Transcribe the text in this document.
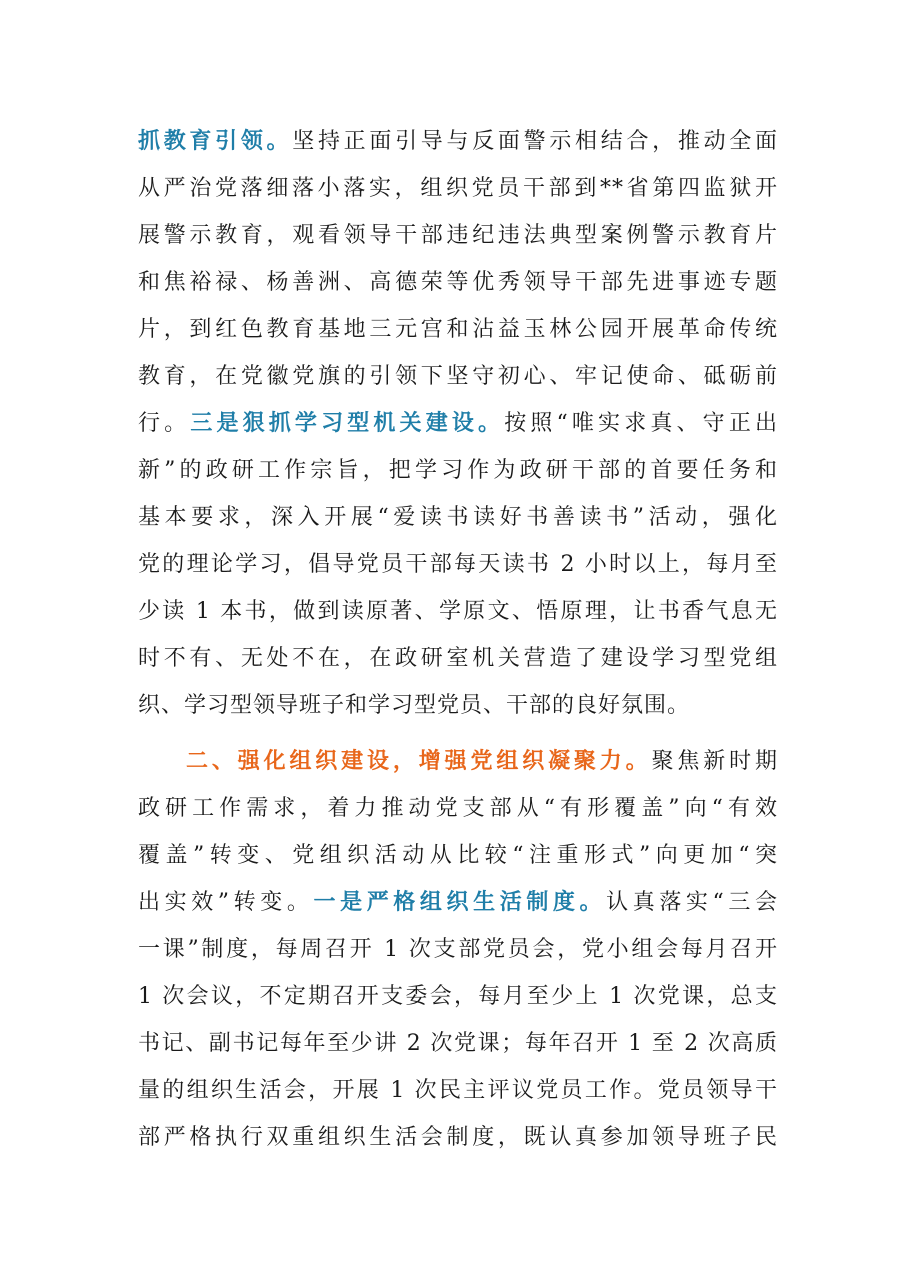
抓教育引领。坚持正面引导与反面警示相结合，推动全面
从严治党落细落小落实，组织党员干部到**省第四监狱开
展警示教育，观看领导干部违纪违法典型案例警示教育片
和焦裕禄、杨善洲、高德荣等优秀领导干部先进事迹专题
片，到红色教育基地三元宫和沾益玉林公园开展革命传统
教育，在党徽党旗的引领下坚守初心、牢记使命、砥砺前
行。三是狠抓学习型机关建设。按照“唯实求真、守正出
新”的政研工作宗旨，把学习作为政研干部的首要任务和
基本要求，深入开展“爱读书读好书善读书”活动，强化
党的理论学习，倡导党员干部每天读书 2 小时以上，每月至
少读 1 本书，做到读原著、学原文、悟原理，让书香气息无
时不有、无处不在，在政研室机关营造了建设学习型党组
织、学习型领导班子和学习型党员、干部的良好氛围。
二、强化组织建设，增强党组织凝聚力。聚焦新时期
政研工作需求，着力推动党支部从“有形覆盖”向“有效
覆盖”转变、党组织活动从比较“注重形式”向更加“突
出实效”转变。一是严格组织生活制度。认真落实“三会
一课”制度，每周召开 1 次支部党员会，党小组会每月召开
1 次会议，不定期召开支委会，每月至少上 1 次党课，总支
书记、副书记每年至少讲 2 次党课；每年召开 1 至 2 次高质
量的组织生活会，开展 1 次民主评议党员工作。党员领导干
部严格执行双重组织生活会制度，既认真参加领导班子民
